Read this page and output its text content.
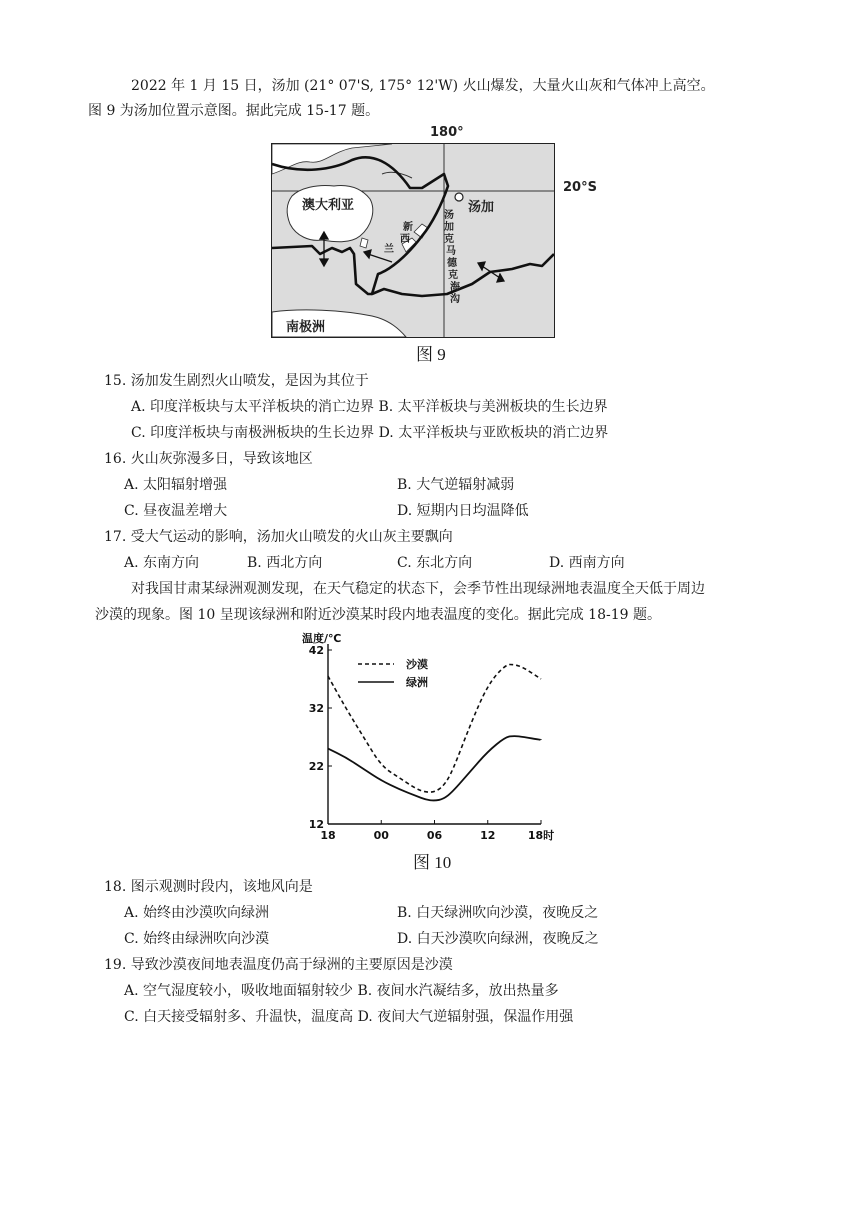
2022 年 1 月 15 日，汤加 (21° 07'S, 175° 12'W) 火山爆发，大量火山灰和气体冲上高空。
图 9 为汤加位置示意图。据此完成 15-17 题。
180°
20°S
澳大利亚	汤加
新
西
兰
汤
加
克
马
德
克
海
沟
南极洲
图 9
15. 汤加发生剧烈火山喷发，是因为其位于
A. 印度洋板块与太平洋板块的消亡边界 B. 太平洋板块与美洲板块的生长边界
C. 印度洋板块与南极洲板块的生长边界 D. 太平洋板块与亚欧板块的消亡边界
16. 火山灰弥漫多日，导致该地区
A. 太阳辐射增强	B. 大气逆辐射减弱
C. 昼夜温差增大	D. 短期内日均温降低
17. 受大气运动的影响，汤加火山喷发的火山灰主要飘向
A. 东南方向	B. 西北方向	C. 东北方向	D. 西南方向
对我国甘肃某绿洲观测发现，在天气稳定的状态下，会季节性出现绿洲地表温度全天低于周边
沙漠的现象。图 10 呈现该绿洲和附近沙漠某时段内地表温度的变化。据此完成 18-19 题。
12
22
32
42
18	00	06	12	18时
温度/℃
沙漠
绿洲
图 10
18. 图示观测时段内，该地风向是
A. 始终由沙漠吹向绿洲	B. 白天绿洲吹向沙漠，夜晚反之
C. 始终由绿洲吹向沙漠	D. 白天沙漠吹向绿洲，夜晚反之
19. 导致沙漠夜间地表温度仍高于绿洲的主要原因是沙漠
A. 空气湿度较小，吸收地面辐射较少 B. 夜间水汽凝结多，放出热量多
C. 白天接受辐射多、升温快，温度高 D. 夜间大气逆辐射强，保温作用强
